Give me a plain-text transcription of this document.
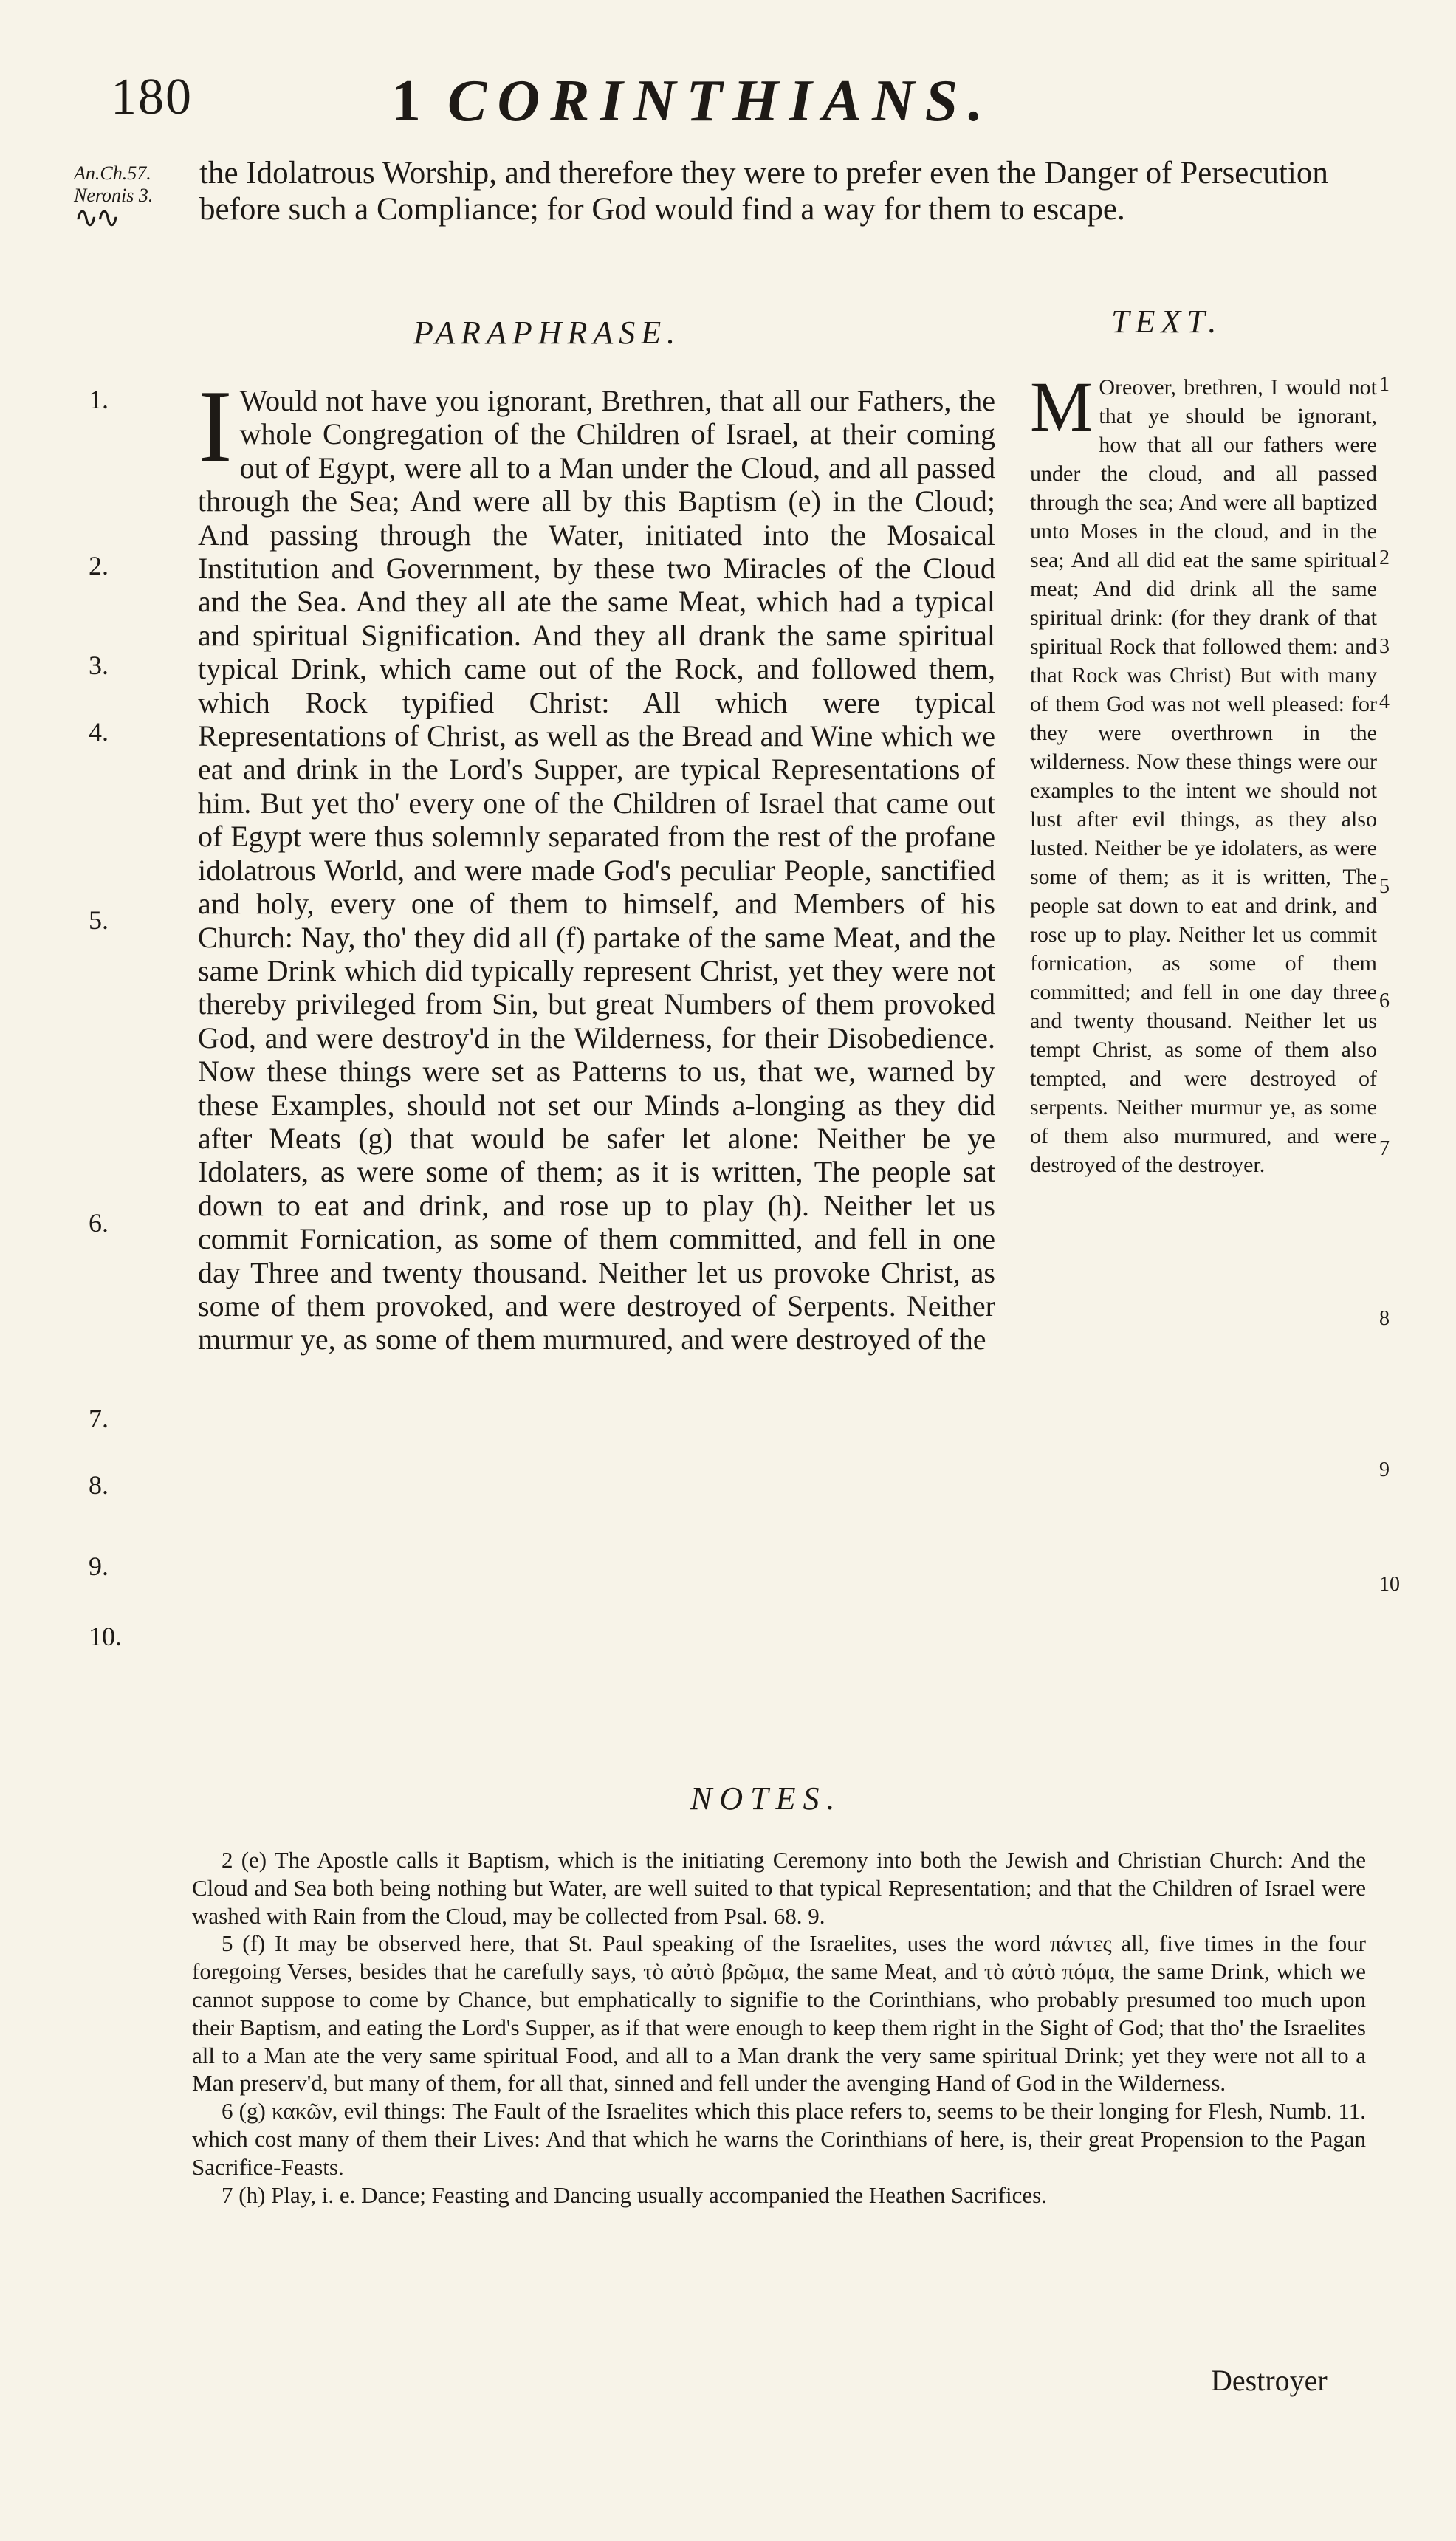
180	1 CORINTHIANS.
An.Ch.57.
Neronis 3.
∿∿

the Idolatrous Worship, and therefore they were to prefer even the Danger of Persecution before such a Compliance; for God would find a way for them to escape.

PARAPHRASE.	TEXT.
1.
2.
3.
4.
5.
6.
7.
8.
9.
10.

I Would not have you ignorant, Brethren, that all our Fathers, the whole Congregation of the Children of Israel, at their coming out of Egypt, were all to a Man under the Cloud, and all passed through the Sea; And were all by this Baptism (e) in the Cloud; And passing through the Water, initiated into the Mosaical Institution and Government, by these two Miracles of the Cloud and the Sea. And they all ate the same Meat, which had a typical and spiritual Signification. And they all drank the same spiritual typical Drink, which came out of the Rock, and followed them, which Rock typified Christ: All which were typical Representations of Christ, as well as the Bread and Wine which we eat and drink in the Lord's Supper, are typical Representations of him. But yet tho' every one of the Children of Israel that came out of Egypt were thus solemnly separated from the rest of the profane idolatrous World, and were made God's peculiar People, sanctified and holy, every one of them to himself, and Members of his Church: Nay, tho' they did all (f) partake of the same Meat, and the same Drink which did typically represent Christ, yet they were not thereby privileged from Sin, but great Numbers of them provoked God, and were destroy'd in the Wilderness, for their Disobedience. Now these things were set as Patterns to us, that we, warned by these Examples, should not set our Minds a-longing as they did after Meats (g) that would be safer let alone: Neither be ye Idolaters, as were some of them; as it is written, The people sat down to eat and drink, and rose up to play (h). Neither let us commit Fornication, as some of them committed, and fell in one day Three and twenty thousand. Neither let us provoke Christ, as some of them provoked, and were destroyed of Serpents. Neither murmur ye, as some of them murmured, and were destroyed of the

M Oreover, brethren, I would not that ye should be ignorant, how that all our fathers were under the cloud, and all passed through the sea; And were all baptized unto Moses in the cloud, and in the sea; And all did eat the same spiritual meat; And did drink all the same spiritual drink: (for they drank of that spiritual Rock that followed them: and that Rock was Christ) But with many of them God was not well pleased: for they were overthrown in the wilderness. Now these things were our examples to the intent we should not lust after evil things, as they also lusted. Neither be ye idolaters, as were some of them; as it is written, The people sat down to eat and drink, and rose up to play. Neither let us commit fornication, as some of them committed; and fell in one day three and twenty thousand. Neither let us tempt Christ, as some of them also tempted, and were destroyed of serpents. Neither murmur ye, as some of them also murmured, and were destroyed of the destroyer.

1
2
3
4
5
6
7
8
9
10
NOTES.

2 (e) The Apostle calls it Baptism, which is the initiating Ceremony into both the Jewish and Christian Church: And the Cloud and Sea both being nothing but Water, are well suited to that typical Representation; and that the Children of Israel were washed with Rain from the Cloud, may be collected from Psal. 68. 9.

5 (f) It may be observed here, that St. Paul speaking of the Israelites, uses the word πάντες all, five times in the four foregoing Verses, besides that he carefully says, τὸ αὐτὸ βρῶμα, the same Meat, and τὸ αὐτὸ πόμα, the same Drink, which we cannot suppose to come by Chance, but emphatically to signifie to the Corinthians, who probably presumed too much upon their Baptism, and eating the Lord's Supper, as if that were enough to keep them right in the Sight of God; that tho' the Israelites all to a Man ate the very same spiritual Food, and all to a Man drank the very same spiritual Drink; yet they were not all to a Man preserv'd, but many of them, for all that, sinned and fell under the avenging Hand of God in the Wilderness.

6 (g) κακῶν, evil things: The Fault of the Israelites which this place refers to, seems to be their longing for Flesh, Numb. 11. which cost many of them their Lives: And that which he warns the Corinthians of here, is, their great Propension to the Pagan Sacrifice-Feasts.

7 (h) Play, i. e. Dance; Feasting and Dancing usually accompanied the Heathen Sacrifices.

Destroyer
